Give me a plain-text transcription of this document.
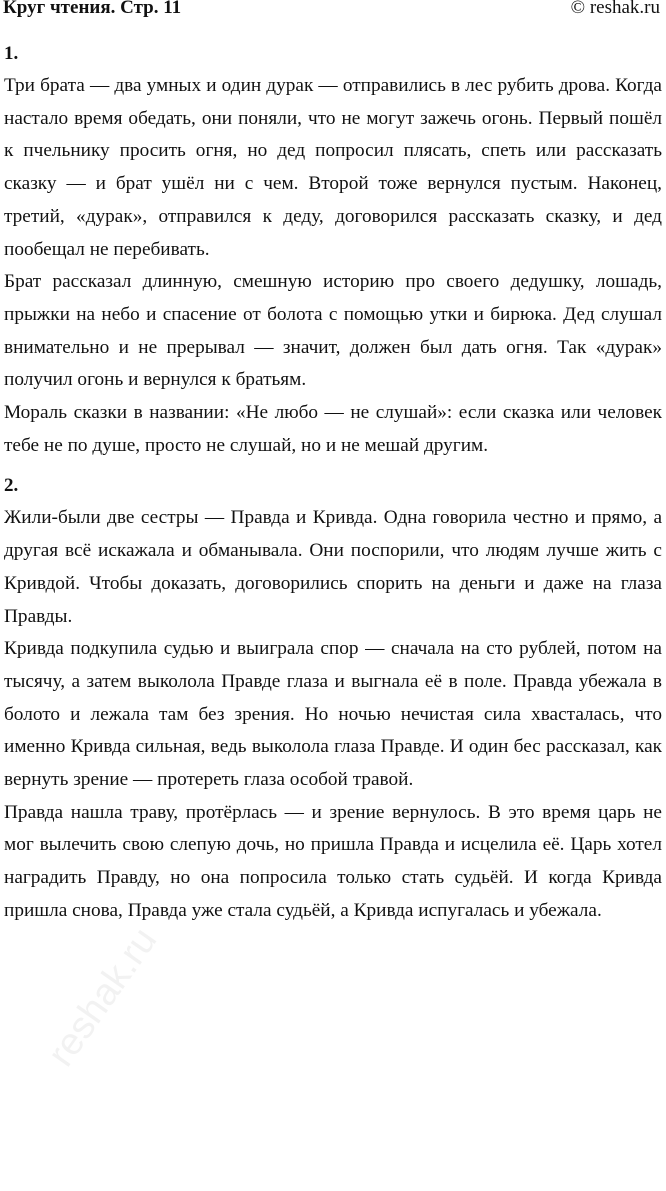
Круг чтения. Стр. 11	© reshak.ru
reshak.ru
1.

Три брата — два умных и один дурак — отправились в лес рубить дрова. Когда настало время обедать, они поняли, что не могут зажечь огонь. Первый пошёл к пчельнику просить огня, но дед попросил плясать, спеть или рассказать сказку — и брат ушёл ни с чем. Второй тоже вернулся пустым. Наконец, третий, «дурак», отправился к деду, договорился рассказать сказку, и дед пообещал не перебивать.

Брат рассказал длинную, смешную историю про своего дедушку, лошадь, прыжки на небо и спасение от болота с помощью утки и бирюка. Дед слушал внимательно и не прерывал — значит, должен был дать огня. Так «дурак» получил огонь и вернулся к братьям.

Мораль сказки в названии: «Не любо — не слушай»: если сказка или человек тебе не по душе, просто не слушай, но и не мешай другим.

2.

Жили-были две сестры — Правда и Кривда. Одна говорила честно и прямо, а другая всё искажала и обманывала. Они поспорили, что людям лучше жить с Кривдой. Чтобы доказать, договорились спорить на деньги и даже на глаза Правды.

Кривда подкупила судью и выиграла спор — сначала на сто рублей, потом на тысячу, а затем выколола Правде глаза и выгнала её в поле. Правда убежала в болото и лежала там без зрения. Но ночью нечистая сила хвасталась, что именно Кривда сильная, ведь выколола глаза Правде. И один бес рассказал, как вернуть зрение — протереть глаза особой травой.

Правда нашла траву, протёрлась — и зрение вернулось. В это время царь не мог вылечить свою слепую дочь, но пришла Правда и исцелила её. Царь хотел наградить Правду, но она попросила только стать судьёй. И когда Кривда пришла снова, Правда уже стала судьёй, а Кривда испугалась и убежала.
